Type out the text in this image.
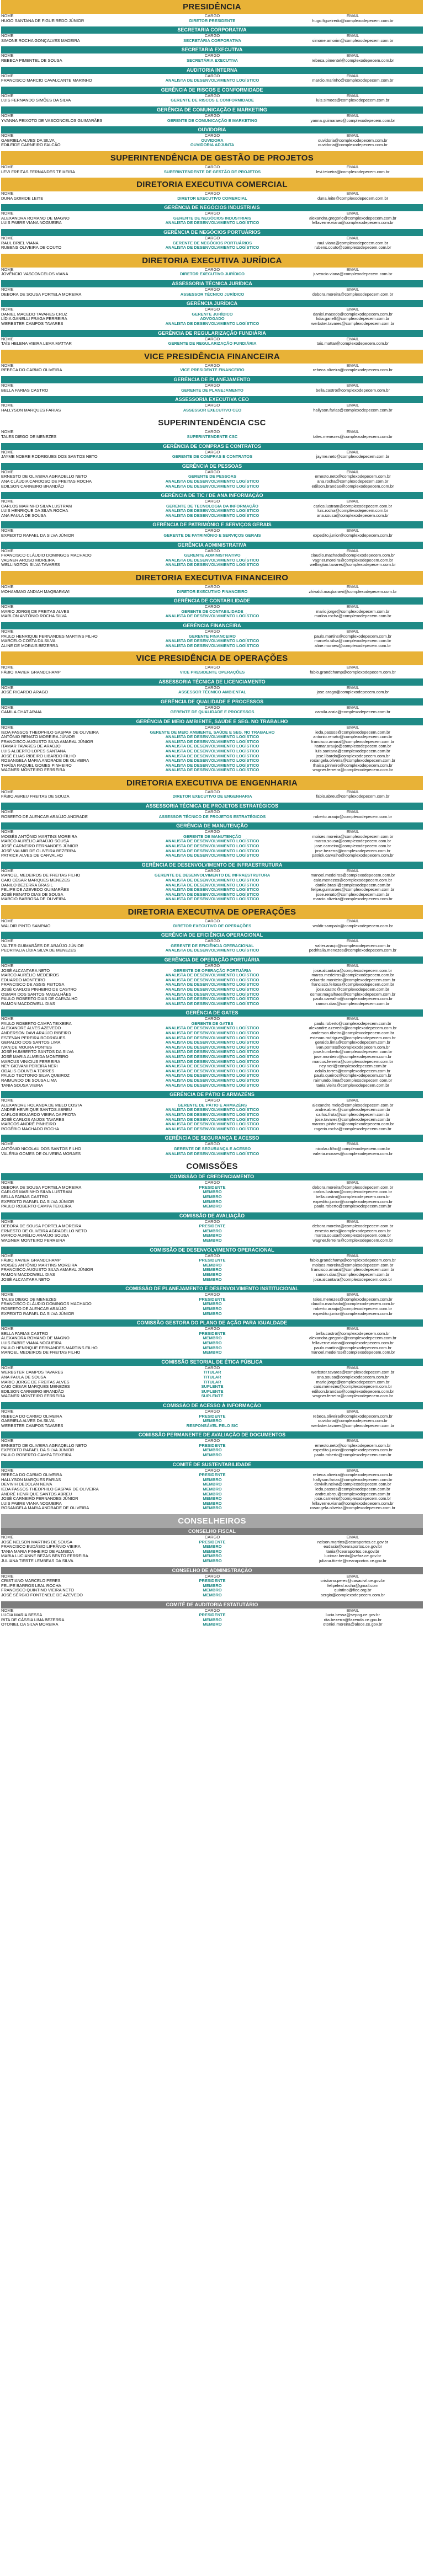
PRESIDÊNCIA
NOME	CARGO	EMAIL
HUGO SANTANA DE FIGUEIREDO JÚNIOR	DIRETOR PRESIDENTE	hugo.figueiredo@complexodepecem.com.br
SECRETARIA CORPORATIVA
NOME	CARGO	EMAIL
SIMONE ROCHA GONÇALVES MADEIRA	SECRETÁRIA CORPORATIVA	simone.amorim@complexodepecem.com.br
SECRETARIA EXECUTIVA
NOME	CARGO	EMAIL
REBECA PIMENTEL DE SOUSA	SECRETÁRIA EXECUTIVA	rebeca.pimentel@complexodepecem.com.br
AUDITORIA INTERNA
NOME	CARGO	EMAIL
FRANCISCO MARCIO CAVALCANTE MARINHO	ANALISTA DE DESENVOLVIMENTO LOGÍSTICO	marcio.marinho@complexodepecem.com.br
GERÊNCIA DE RISCOS E CONFORMIDADE
NOME	CARGO	EMAIL
LUIS FERNANDO SIMÕES DA SILVA	GERENTE DE RISCOS E CONFORMIDADE	luis.simoes@complexodepecem.com.br
GERÊNCIA DE COMUNICAÇÃO E MARKETING
NOME	CARGO	EMAIL
YVANNA PEIXOTO DE VASCONCELOS GUIMARÃES	GERENTE DE COMUNICAÇÃO E MARKETING	yanna.guimaraes@complexodepecem.com.br
OUVIDORIA
NOME	CARGO	EMAIL
GABRIELA ALVES DA SILVA	OUVIDORA	ouvidoria@complexodepecem.com.br
EDILEIDE CARNEIRO FALCÃO	OUVIDORIA ADJUNTA	ouvidoria@complexodepecem.com.br
SUPERINTENDÊNCIA DE GESTÃO DE PROJETOS
NOME	CARGO	EMAIL
LEVI FREITAS FERNANDES TEIXEIRA	SUPERINTENDENTE DE GESTÃO DE PROJETOS	levi.teixeira@complexodepecem.com.br
DIRETORIA EXECUTIVA COMERCIAL
NOME	CARGO	EMAIL
DUNA GOMIDE LEITE	DIRETOR EXECUTIVO COMERCIAL	duna.leite@complexodepecem.com.br
GERÊNCIA DE NEGÓCIOS INDUSTRIAIS
NOME	CARGO	EMAIL
ALEXANDRA ROMANO DE MAGNO	GERENTE DE NEGÓCIOS INDUSTRIAIS	alexandra.gregorio@complexodepecem.com.br
LUIS FABRE VIANA NOGUEIRA	ANALISTA DE DESENVOLVIMENTO LOGÍSTICO	fellaverne.viana@complexodepecem.com.br
GERÊNCIA DE NEGÓCIOS PORTUÁRIOS
NOME	CARGO	EMAIL
RAUL BRIEL VIANA	GERENTE DE NEGÓCIOS PORTUÁRIOS	raul.viana@complexodepecem.com.br
RUBENS OLIVEIRA DE COUTO	ANALISTA DE DESENVOLVIMENTO LOGÍSTICO	rubens.couto@complexodepecem.com.br
DIRETORIA EXECUTIVA JURÍDICA
NOME	CARGO	EMAIL
JOVÊNCIO VASCONCELOS VIANA	DIRETOR EXECUTIVO JURÍDICO	juvencio.viana@complexodepecem.com.br
ASSESSORIA TÉCNICA JURÍDICA
NOME	CARGO	EMAIL
DEBORA DE SOUSA PORTELA MOREIRA	ASSESSOR TÉCNICO JURÍDICO	debora.moreira@complexodepecem.com.br
GERÊNCIA JURÍDICA
NOME	CARGO	EMAIL
DANIEL MACEDO TAVARES CRUZ	GERENTE JURÍDICO	daniel.macedo@complexodepecem.com.br
LÍDIA GANELLI FRAGA FERREIRA	ADVOGADO	lidia.ganelli@complexodepecem.com.br
WERBSTER CAMPOS TAVARES	ANALISTA DE DESENVOLVIMENTO LOGÍSTICO	werbster.tavares@complexodepecem.com.br
GERÊNCIA DE REGULARIZAÇÃO FUNDIÁRIA
NOME	CARGO	EMAIL
TAÍS HELENA VIEIRA LEMA MATTAR	GERENTE DE REGULARIZAÇÃO FUNDIÁRIA	tais.mattar@complexodepecem.com.br
VICE PRESIDÊNCIA FINANCEIRA
NOME	CARGO	EMAIL
REBECA DO CARMO OLIVEIRA	VICE PRESIDENTE FINANCEIRO	rebeca.oliveira@complexodepecem.com.br
GERÊNCIA DE PLANEJAMENTO
NOME	CARGO	EMAIL
BELLA FARIAS CASTRO	GERENTE DE PLANEJAMENTO	bella.castro@complexodepecem.com.br
ASSESSORIA EXECUTIVA CEO
NOME	CARGO	EMAIL
HALLYSON MARQUES FARIAS	ASSESSOR EXECUTIVO CEO	hallyson.farias@complexodepecem.com.br
SUPERINTENDÊNCIA CSC
NOME	CARGO	EMAIL
TALES DIEGO DE MENEZES	SUPERINTENDENTE CSC	tales.menezes@complexodepecem.com.br
GERÊNCIA DE COMPRAS E CONTRATOS
NOME	CARGO	EMAIL
JAYME NOBRE RODRIGUES DOS SANTOS NETO	GERENTE DE COMPRAS E CONTRATOS	jayme.neto@complexodepecem.com.br
GERÊNCIA DE PESSOAS
NOME	CARGO	EMAIL
ERNESTO DE OLIVEIRA AGRADELLO NETO	GERENTE DE PESSOAS	ernesto.neto@complexodepecem.com.br
ANA CLÁUDIA CARDOSO DE FREITAS ROCHA	ANALISTA DE DESENVOLVIMENTO LOGÍSTICO	ana.rocha@complexodepecem.com.br
EDILSON CARNEIRO BRANDÃO	ANALISTA DE DESENVOLVIMENTO LOGÍSTICO	edilson.brandao@complexodepecem.com.br
GERÊNCIA DE TIC / DE ANA INFORMAÇÃO
NOME	CARGO	EMAIL
CARLOS MARINHO SILVA LUSTRAM	GERENTE DE TECNOLOGIA DA INFORMAÇÃO	carlos.lustram@complexodepecem.com.br
LUIS HENRIQUE DA SILVA ROCHA	ANALISTA DE DESENVOLVIMENTO LOGÍSTICO	luis.rocha@complexodepecem.com.br
ANA PAULA DE SOUSA	ANALISTA DE DESENVOLVIMENTO LOGÍSTICO	ana.sousa@complexodepecem.com.br
GERÊNCIA DE PATRIMÔNIO E SERVIÇOS GERAIS
NOME	CARGO	EMAIL
EXPEDITO RAFAEL DA SILVA JÚNIOR	GERENTE DE PATRIMÔNIO E SERVIÇOS GERAIS	expedito.junior@complexodepecem.com.br
GERÊNCIA ADMINISTRATIVA
NOME	CARGO	EMAIL
FRANCISCO CLÁUDIO DOMINGOS MACHADO	GERENTE ADMINISTRATIVO	claudio.machado@complexodepecem.com.br
VAGNER AROSO MOREIRA	ANALISTA DE DESENVOLVIMENTO LOGÍSTICO	vagner.moreira@complexodepecem.com.br
WELLINGTON SILVA TAVARES	ANALISTA DE DESENVOLVIMENTO LOGÍSTICO	wellington.tavares@complexodepecem.com.br
DIRETORIA EXECUTIVA FINANCEIRO
NOME	CARGO	EMAIL
MOHAMMAD ANDIAH MAQBARAWI	DIRETOR EXECUTIVO FINANCEIRO	zhivaldi.maqbarawi@complexodepecem.com.br
GERÊNCIA DE CONTABILIDADE
NOME	CARGO	EMAIL
MARIO JORGE DE FREITAS ALVES	GERENTE DE CONTABILIDADE	mario.jorge@complexodepecem.com.br
MARLON ANTÔNIO ROCHA SILVA	ANALISTA DE DESENVOLVIMENTO LOGÍSTICO	marlon.rocha@complexodepecem.com.br
GERÊNCIA FINANCEIRA
NOME	CARGO	EMAIL
PAULO HENRIQUE FERNANDES MARTINS FILHO	GERENTE FINANCEIRO	paulo.martins@complexodepecem.com.br
MARCELO COSTA DA SILVA	ANALISTA DE DESENVOLVIMENTO LOGÍSTICO	marcelo.silva@complexodepecem.com.br
ALINE DE MORAIS BEZERRA	ANALISTA DE DESENVOLVIMENTO LOGÍSTICO	aline.moraes@complexodepecem.com.br
VICE PRESIDÊNCIA DE OPERAÇÕES
NOME	CARGO	EMAIL
FÁBIO XAVIER GRANDCHAMP	VICE PRESIDENTE OPERAÇÕES	fabio.grandchamp@complexodepecem.com.br
ASSESSORIA TÉCNICA DE LICENCIAMENTO
NOME	CARGO	EMAIL
JOSÉ RICARDO ARAGO	ASSESSOR TÉCNICO AMBIENTAL	jose.arago@complexodepecem.com.br
GERÊNCIA DE QUALIDADE E PROCESSOS
NOME	CARGO	EMAIL
CAMILA CHAT ARAIA	GERENTE DE QUALIDADE E PROCESSOS	camila.araia@complexodepecem.com.br
GERÊNCIA DE MEIO AMBIENTE, SAÚDE E SEG. NO TRABALHO
NOME	CARGO	EMAIL
IEDA PASSOS THEOPHILO GASPAR DE OLIVEIRA	GERENTE DE MEIO AMBIENTE, SAÚDE E SEG. NO TRABALHO	ieda.passos@complexodepecem.com.br
ANTÔNIO RENATO MOREIRA JÚNIOR	ANALISTA DE DESENVOLVIMENTO LOGÍSTICO	antonio.renato@complexodepecem.com.br
FRANCISCO AUGUSTO SILVA AMARAL JÚNIOR	ANALISTA DE DESENVOLVIMENTO LOGÍSTICO	francisco.amaral@complexodepecem.com.br
ITAMAR TAVARES DE ARAÚJO	ANALISTA DE DESENVOLVIMENTO LOGÍSTICO	itamar.araujo@complexodepecem.com.br
LUIS ALBERTO LOPES SANTANA	ANALISTA DE DESENVOLVIMENTO LOGÍSTICO	luis.santana@complexodepecem.com.br
JOSÉ ELIAS RIBEIRO LIBARDO FILHO	ANALISTA DE DESENVOLVIMENTO LOGÍSTICO	jose.libardo@complexodepecem.com.br
ROSANGELA MARIA ANDRADE DE OLIVEIRA	ANALISTA DE DESENVOLVIMENTO LOGÍSTICO	rosangela.oliveira@complexodepecem.com.br
THAÍSA RAQUEL GOMES PINHEIRO	ANALISTA DE DESENVOLVIMENTO LOGÍSTICO	thaisa.pinheiro@complexodepecem.com.br
WAGNER MONTEIRO FERREIRA	ANALISTA DE DESENVOLVIMENTO LOGÍSTICO	wagner.ferreira@complexodepecem.com.br
DIRETORIA EXECUTIVA DE ENGENHARIA
NOME	CARGO	EMAIL
FÁBIO ABREU FREITAS DE SOUZA	DIRETOR EXECUTIVO DE ENGENHARIA	fabio.abreu@complexodepecem.com.br
ASSESSORIA TÉCNICA DE PROJETOS ESTRATÉGICOS
NOME	CARGO	EMAIL
ROBERTO DE ALENCAR ARAÚJO ANDRADE	ASSESSOR TÉCNICO DE PROJETOS ESTRATÉGICOS	roberto.araujo@complexodepecem.com.br
GERÊNCIA DE MANUTENÇÃO
NOME	CARGO	EMAIL
MOISÉS ANTÔNIO MARTINS MOREIRA	GERENTE DE MANUTENÇÃO	moises.moreira@complexodepecem.com.br
MARCO AURÉLIO ARAÚJO SOUSA	ANALISTA DE DESENVOLVIMENTO LOGÍSTICO	marco.sousa@complexodepecem.com.br
JOSÉ CARNEIRO FERNANDES JÚNIOR	ANALISTA DE DESENVOLVIMENTO LOGÍSTICO	jose.carneiro@complexodepecem.com.br
JOSÉ VALMIR DE OLIVEIRA BEZERRA	ANALISTA DE DESENVOLVIMENTO LOGÍSTICO	jose.bezerra@complexodepecem.com.br
PATRICK ALVES DE CARVALHO	ANALISTA DE DESENVOLVIMENTO LOGÍSTICO	patrick.carvalho@complexodepecem.com.br
GERÊNCIA DE DESENVOLVIMENTO DE INFRAESTRUTURA
NOME	CARGO	EMAIL
MANOEL MEDEIROS DE FREITAS FILHO	GERENTE DE DESENVOLVIMENTO DE INFRAESTRUTURA	manoel.medeiros@complexodepecem.com.br
CAIO CÉSAR MARQUES MENEZES	ANALISTA DE DESENVOLVIMENTO LOGÍSTICO	caio.menezes@complexodepecem.com.br
DANILO BEZERRA BRASIL	ANALISTA DE DESENVOLVIMENTO LOGÍSTICO	danilo.brasil@complexodepecem.com.br
FELIPE DE AZEVEDO GUIMARÃES	ANALISTA DE DESENVOLVIMENTO LOGÍSTICO	felipe.guimaraes@complexodepecem.com.br
JOSÉ RENATO DIAS DE SOUSA	ANALISTA DE DESENVOLVIMENTO LOGÍSTICO	jose.renato@complexodepecem.com.br
MARCIO BARBOSA DE OLIVEIRA	ANALISTA DE DESENVOLVIMENTO LOGÍSTICO	marcio.oliveira@complexodepecem.com.br
DIRETORIA EXECUTIVA DE OPERAÇÕES
NOME	CARGO	EMAIL
WALDIR PINTO SAMPAIO	DIRETOR EXECUTIVO DE OPERAÇÕES	waldir.sampaio@complexodepecem.com.br
GERÊNCIA DE EFICIÊNCIA OPERACIONAL
NOME	CARGO	EMAIL
VALTER GUIMARÃES DE ARAÚJO JÚNIOR	GERENTE DE EFICIÊNCIA OPERACIONAL	valter.araujo@complexodepecem.com.br
PEDRITALIA LÍDIA SILVA DE MENEZES	ANALISTA DE DESENVOLVIMENTO LOGÍSTICO	pedritalia.menezes@complexodepecem.com.br
GERÊNCIA DE OPERAÇÃO PORTUÁRIA
NOME	CARGO	EMAIL
JOSÉ ALCANTARA NETO	GERENTE DE OPERAÇÃO PORTUÁRIA	jose.alcantara@complexodepecem.com.br
MARCO AURÉLIO MEDEIROS	ANALISTA DE DESENVOLVIMENTO LOGÍSTICO	marco.medeiros@complexodepecem.com.br
EDUARDO MONTEIRO	ANALISTA DE DESENVOLVIMENTO LOGÍSTICO	eduardo.monteiro@complexodepecem.com.br
FRANCISCO DE ASSIS FEITOSA	ANALISTA DE DESENVOLVIMENTO LOGÍSTICO	francisco.feitosa@complexodepecem.com.br
JOSÉ CARLOS PINHEIRO DE CASTRO	ANALISTA DE DESENVOLVIMENTO LOGÍSTICO	jose.castro@complexodepecem.com.br
OSMAR DOS SANTOS MAGALHÃES	ANALISTA DE DESENVOLVIMENTO LOGÍSTICO	osmar.magalhaes@complexodepecem.com.br
PAULO ROBERTO DIAS DE CARVALHO	ANALISTA DE DESENVOLVIMENTO LOGÍSTICO	paulo.carvalho@complexodepecem.com.br
RAMON MACDOWELL DIAS	ANALISTA DE DESENVOLVIMENTO LOGÍSTICO	ramon.dias@complexodepecem.com.br
GERÊNCIA DE GATES
NOME	CARGO	EMAIL
PAULO ROBERTO CAMPA TEIXEIRA	GERENTE DE GATES	paulo.roberto@complexodepecem.com.br
ALEXANDRE ALVES AZEVEDO	ANALISTA DE DESENVOLVIMENTO LOGÍSTICO	alexandre.azevedo@complexodepecem.com.br
ANDERSON DAVI ARAÚJO RIBEIRO	ANALISTA DE DESENVOLVIMENTO LOGÍSTICO	anderson.ribeiro@complexodepecem.com.br
ESTEVAN PEREIRA RODRIGUES	ANALISTA DE DESENVOLVIMENTO LOGÍSTICO	estevan.rodrigues@complexodepecem.com.br
GERALDO DOS SANTOS LIMA	ANALISTA DE DESENVOLVIMENTO LOGÍSTICO	geraldo.lima@complexodepecem.com.br
IVAN DE MOURA PONTES	ANALISTA DE DESENVOLVIMENTO LOGÍSTICO	ivan.pontes@complexodepecem.com.br
JOSÉ HUMBERTO SANTOS DA SILVA	ANALISTA DE DESENVOLVIMENTO LOGÍSTICO	jose.humberto@complexodepecem.com.br
JOSÉ MARIA ALMEIDA MONTEIRO	ANALISTA DE DESENVOLVIMENTO LOGÍSTICO	jose.monteiro@complexodepecem.com.br
MARCUS VINICIUS FERREIRA	ANALISTA DE DESENVOLVIMENTO LOGÍSTICO	marcus.ferreira@complexodepecem.com.br
NEY GIOVANI PEREIRA NERI	ANALISTA DE DESENVOLVIMENTO LOGÍSTICO	ney.neri@complexodepecem.com.br
ODALIS GOUVEIA TORRES	ANALISTA DE DESENVOLVIMENTO LOGÍSTICO	odalis.torres@complexodepecem.com.br
PAULO TEOTONIO SILVA QUEIROZ	ANALISTA DE DESENVOLVIMENTO LOGÍSTICO	paulo.queiroz@complexodepecem.com.br
RAIMUNDO DE SOUSA LIMA	ANALISTA DE DESENVOLVIMENTO LOGÍSTICO	raimundo.lima@complexodepecem.com.br
TANIA SOUSA VIEIRA	ANALISTA DE DESENVOLVIMENTO LOGÍSTICO	tania.vieira@complexodepecem.com.br
GERÊNCIA DE PÁTIO E ARMAZÉNS
NOME	CARGO	EMAIL
ALEXANDRE HOLANDA DE MELO COSTA	GERENTE DE PÁTIO E ARMAZÉNS	alexandre.melo@complexodepecem.com.br
ANDRÉ HENRIQUE SANTOS ABREU	ANALISTA DE DESENVOLVIMENTO LOGÍSTICO	andre.abreu@complexodepecem.com.br
CARLOS EDUARDO VIEIRA DA FROTA	ANALISTA DE DESENVOLVIMENTO LOGÍSTICO	carlos.frota@complexodepecem.com.br
JOSÉ CARLOS ANJOS TAVARES	ANALISTA DE DESENVOLVIMENTO LOGÍSTICO	jose.tavares@complexodepecem.com.br
MARCOS ANDRÉ PINHEIRO	ANALISTA DE DESENVOLVIMENTO LOGÍSTICO	marcos.pinheiro@complexodepecem.com.br
ROGÉRIO MACHADO ROCHA	ANALISTA DE DESENVOLVIMENTO LOGÍSTICO	rogerio.rocha@complexodepecem.com.br
GERÊNCIA DE SEGURANÇA E ACESSO
NOME	CARGO	EMAIL
ANTÔNIO NICOLAU DOS SANTOS FILHO	GERENTE DE SEGURANÇA E ACESSO	nicolau.filho@complexodepecem.com.br
VALÉRIA GOMES DE OLIVEIRA MORAES	ANALISTA DE DESENVOLVIMENTO LOGÍSTICO	valeria.moraes@complexodepecem.com.br
COMISSÕES
COMISSÃO DE CREDENCIAMENTO
NOME	CARGO	EMAIL
DEBORA DE SOUSA PORTELA MOREIRA	PRESIDENTE	debora.moreira@complexodepecem.com.br
CARLOS MARINHO SILVA LUSTRAM	MEMBRO	carlos.lustram@complexodepecem.com.br
BELLA FARIAS CASTRO	MEMBRO	bella.castro@complexodepecem.com.br
EXPEDITO RAFAEL DA SILVA JÚNIOR	MEMBRO	expedito.junior@complexodepecem.com.br
PAULO ROBERTO CAMPA TEIXEIRA	MEMBRO	paulo.roberto@complexodepecem.com.br
COMISSÃO DE AVALIAÇÃO
NOME	CARGO	EMAIL
DEBORA DE SOUSA PORTELA MOREIRA	PRESIDENTE	debora.moreira@complexodepecem.com.br
ERNESTO DE OLIVEIRA AGRADELLO NETO	MEMBRO	ernesto.neto@complexodepecem.com.br
MARCO AURÉLIO ARAÚJO SOUSA	MEMBRO	marco.sousa@complexodepecem.com.br
WAGNER MONTEIRO FERREIRA	MEMBRO	wagner.ferreira@complexodepecem.com.br
COMISSÃO DE DESENVOLVIMENTO OPERACIONAL
NOME	CARGO	EMAIL
FÁBIO XAVIER GRANDCHAMP	PRESIDENTE	fabio.grandchamp@complexodepecem.com.br
MOISÉS ANTÔNIO MARTINS MOREIRA	MEMBRO	moises.moreira@complexodepecem.com.br
FRANCISCO AUGUSTO SILVA AMARAL JÚNIOR	MEMBRO	francisco.amaral@complexodepecem.com.br
RAMON MACDOWELL DIAS	MEMBRO	ramon.dias@complexodepecem.com.br
JOSÉ ALCANTARA NETO	MEMBRO	jose.alcantara@complexodepecem.com.br
COMISSÃO DE PLANEJAMENTO E DESENVOLVIMENTO INSTITUCIONAL
NOME	CARGO	EMAIL
TALES DIEGO DE MENEZES	PRESIDENTE	tales.menezes@complexodepecem.com.br
FRANCISCO CLÁUDIO DOMINGOS MACHADO	MEMBRO	claudio.machado@complexodepecem.com.br
ROBERTO DE ALENCAR ARAÚJO	MEMBRO	roberto.araujo@complexodepecem.com.br
EXPEDITO RAFAEL DA SILVA JÚNIOR	MEMBRO	expedito.junior@complexodepecem.com.br
COMISSÃO GESTORA DO PLANO DE AÇÃO PARA IGUALDADE
NOME	CARGO	EMAIL
BELLA FARIAS CASTRO	PRESIDENTE	bella.castro@complexodepecem.com.br
ALEXANDRA ROMANO DE MAGNO	MEMBRO	alexandra.gregorio@complexodepecem.com.br
LUIS FABRE VIANA NOGUEIRA	MEMBRO	fellaverne.viana@complexodepecem.com.br
PAULO HENRIQUE FERNANDES MARTINS FILHO	MEMBRO	paulo.martins@complexodepecem.com.br
MANOEL MEDEIROS DE FREITAS FILHO	MEMBRO	manoel.medeiros@complexodepecem.com.br
COMISSÃO SETORIAL DE ÉTICA PÚBLICA
NOME	CARGO	EMAIL
WERBSTER CAMPOS TAVARES	TITULAR	werbster.tavares@complexodepecem.com.br
ANA PAULA DE SOUSA	TITULAR	ana.sousa@complexodepecem.com.br
MARIO JORGE DE FREITAS ALVES	TITULAR	mario.jorge@complexodepecem.com.br
CAIO CÉSAR MARQUES MENEZES	SUPLENTE	caio.menezes@complexodepecem.com.br
EDILSON CARNEIRO BRANDÃO	SUPLENTE	edilson.brandao@complexodepecem.com.br
WAGNER MONTEIRO FERREIRA	SUPLENTE	wagner.ferreira@complexodepecem.com.br
COMISSÃO DE ACESSO À INFORMAÇÃO
NOME	CARGO	EMAIL
REBECA DO CARMO OLIVEIRA	PRESIDENTE	rebeca.oliveira@complexodepecem.com.br
GABRIELA ALVES DA SILVA	MEMBRO	ouvidoria@complexodepecem.com.br
WERBSTER CAMPOS TAVARES	RESPONSÁVEL PELO SIC	werbster.tavares@complexodepecem.com.br
COMISSÃO PERMANENTE DE AVALIAÇÃO DE DOCUMENTOS
NOME	CARGO	EMAIL
ERNESTO DE OLIVEIRA AGRADELLO NETO	PRESIDENTE	ernesto.neto@complexodepecem.com.br
EXPEDITO RAFAEL DA SILVA JÚNIOR	MEMBRO	expedito.junior@complexodepecem.com.br
PAULO ROBERTO CAMPA TEIXEIRA	MEMBRO	paulo.roberto@complexodepecem.com.br
COMITÊ DE SUSTENTABILIDADE
NOME	CARGO	EMAIL
REBECA DO CARMO OLIVEIRA	PRESIDENTE	rebeca.oliveira@complexodepecem.com.br
HALLYSON MARQUES FARIAS	MEMBRO	hallyson.farias@complexodepecem.com.br
DEVIVIH DEDOLAN NEIVA	MEMBRO	devivih.neiva@complexodepecem.com.br
IEDA PASSOS THEOPHILO GASPAR DE OLIVEIRA	MEMBRO	ieda.passos@complexodepecem.com.br
ANDRÉ HENRIQUE SANTOS ABREU	MEMBRO	andre.abreu@complexodepecem.com.br
JOSÉ CARNEIRO FERNANDES JÚNIOR	MEMBRO	jose.carneiro@complexodepecem.com.br
LUIS FABRE VIANA NOGUEIRA	MEMBRO	fellaverne.viana@complexodepecem.com.br
ROSANGELA MARIA ANDRADE DE OLIVEIRA	MEMBRO	rosangela.oliveira@complexodepecem.com.br
CONSELHEIROS
CONSELHO FISCAL
NOME	CARGO	EMAIL
JOSÉ NELSON MARTINS DE SOUSA	PRESIDENTE	nelson.martins@cearaportos.ce.gov.br
FRANCISCO EUDÁSIO LIPRÂNIO VIEIRA	MEMBRO	eudasio@cearaportos.ce.gov.br
TANIA MARIA PINHEIRO DE ALMEIDA	MEMBRO	tania@cearaportos.ce.gov.br
MARIA LUCIANNE BEZAS BENTO FERREIRA	MEMBRO	lucimar.bento@sefaz.ce.gov.br
JULIANA TIERTE LEMBEAS DA SILVA	MEMBRO	juliana.ttierte@cearaportos.ce.gov.br
CONSELHO DE ADMINISTRAÇÃO
NOME	CARGO	EMAIL
CRISTIANO MARCELO PERES	PRESIDENTE	cristiano.peres@casacivil.ce.gov.br
FELIPE BARROS LEAL ROCHA	MEMBRO	felipeleal.rocha@gmail.com
FRANCISCO QUINTINO VIEIRA NETO	MEMBRO	quintino@fiec.org.br
JOSÉ SÉRGIO FONTENELE DE AZEVEDO	MEMBRO	sergio@complexodepecem.com.br
COMITÊ DE AUDITORIA ESTATUTÁRIO
NOME	CARGO	EMAIL
LUCIA MARIA BESSA	PRESIDENTE	lucia.bessa@sepog.ce.gov.br
RITA DE CÁSSIA LIMA BEZERRA	MEMBRO	rita.bezerra@fazenda.ce.gov.br
OTONIEL DA SILVA MOREIRA	MEMBRO	otoniel.moreira@alece.ce.gov.br
